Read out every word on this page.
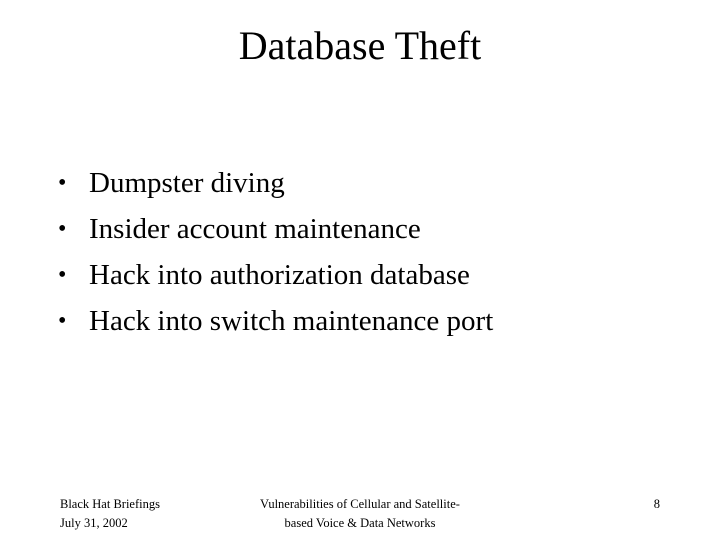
Database Theft
• Dumpster diving
• Insider account maintenance
• Hack into authorization database
• Hack into switch maintenance port
Black Hat Briefings
July 31, 2002
Vulnerabilities of Cellular and Satellite-
based Voice & Data Networks
8
